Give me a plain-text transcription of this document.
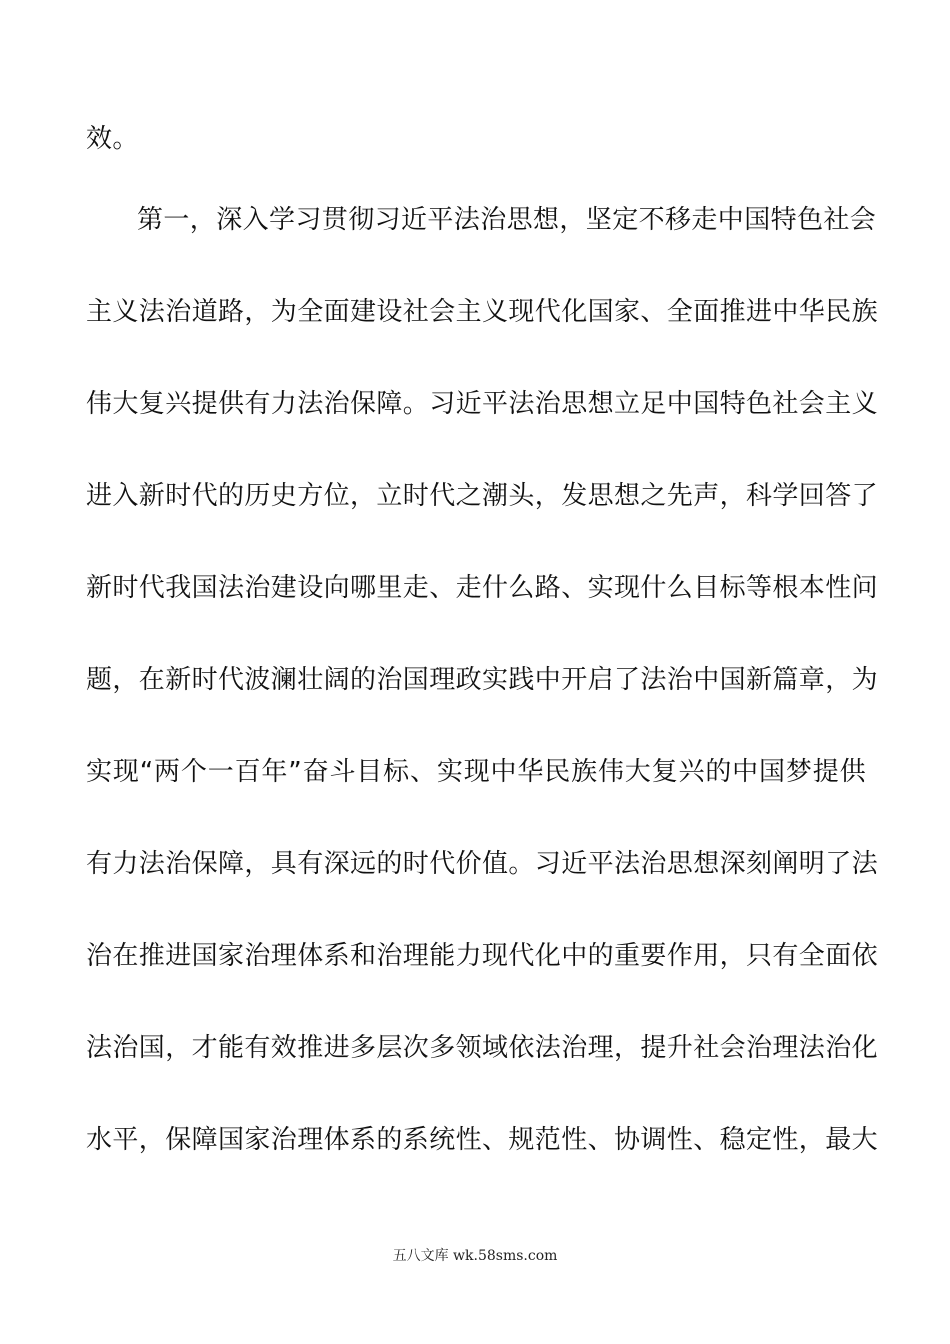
效。
第一，深入学习贯彻习近平法治思想，坚定不移走中国特色社会
主义法治道路，为全面建设社会主义现代化国家、全面推进中华民族
伟大复兴提供有力法治保障。习近平法治思想立足中国特色社会主义
进入新时代的历史方位，立时代之潮头，发思想之先声，科学回答了
新时代我国法治建设向哪里走、走什么路、实现什么目标等根本性问
题，在新时代波澜壮阔的治国理政实践中开启了法治中国新篇章，为
实现“两个一百年”奋斗目标、实现中华民族伟大复兴的中国梦提供
有力法治保障，具有深远的时代价值。习近平法治思想深刻阐明了法
治在推进国家治理体系和治理能力现代化中的重要作用，只有全面依
法治国，才能有效推进多层次多领域依法治理，提升社会治理法治化
水平，保障国家治理体系的系统性、规范性、协调性、稳定性，最大
五八文库 wk.58sms.com
